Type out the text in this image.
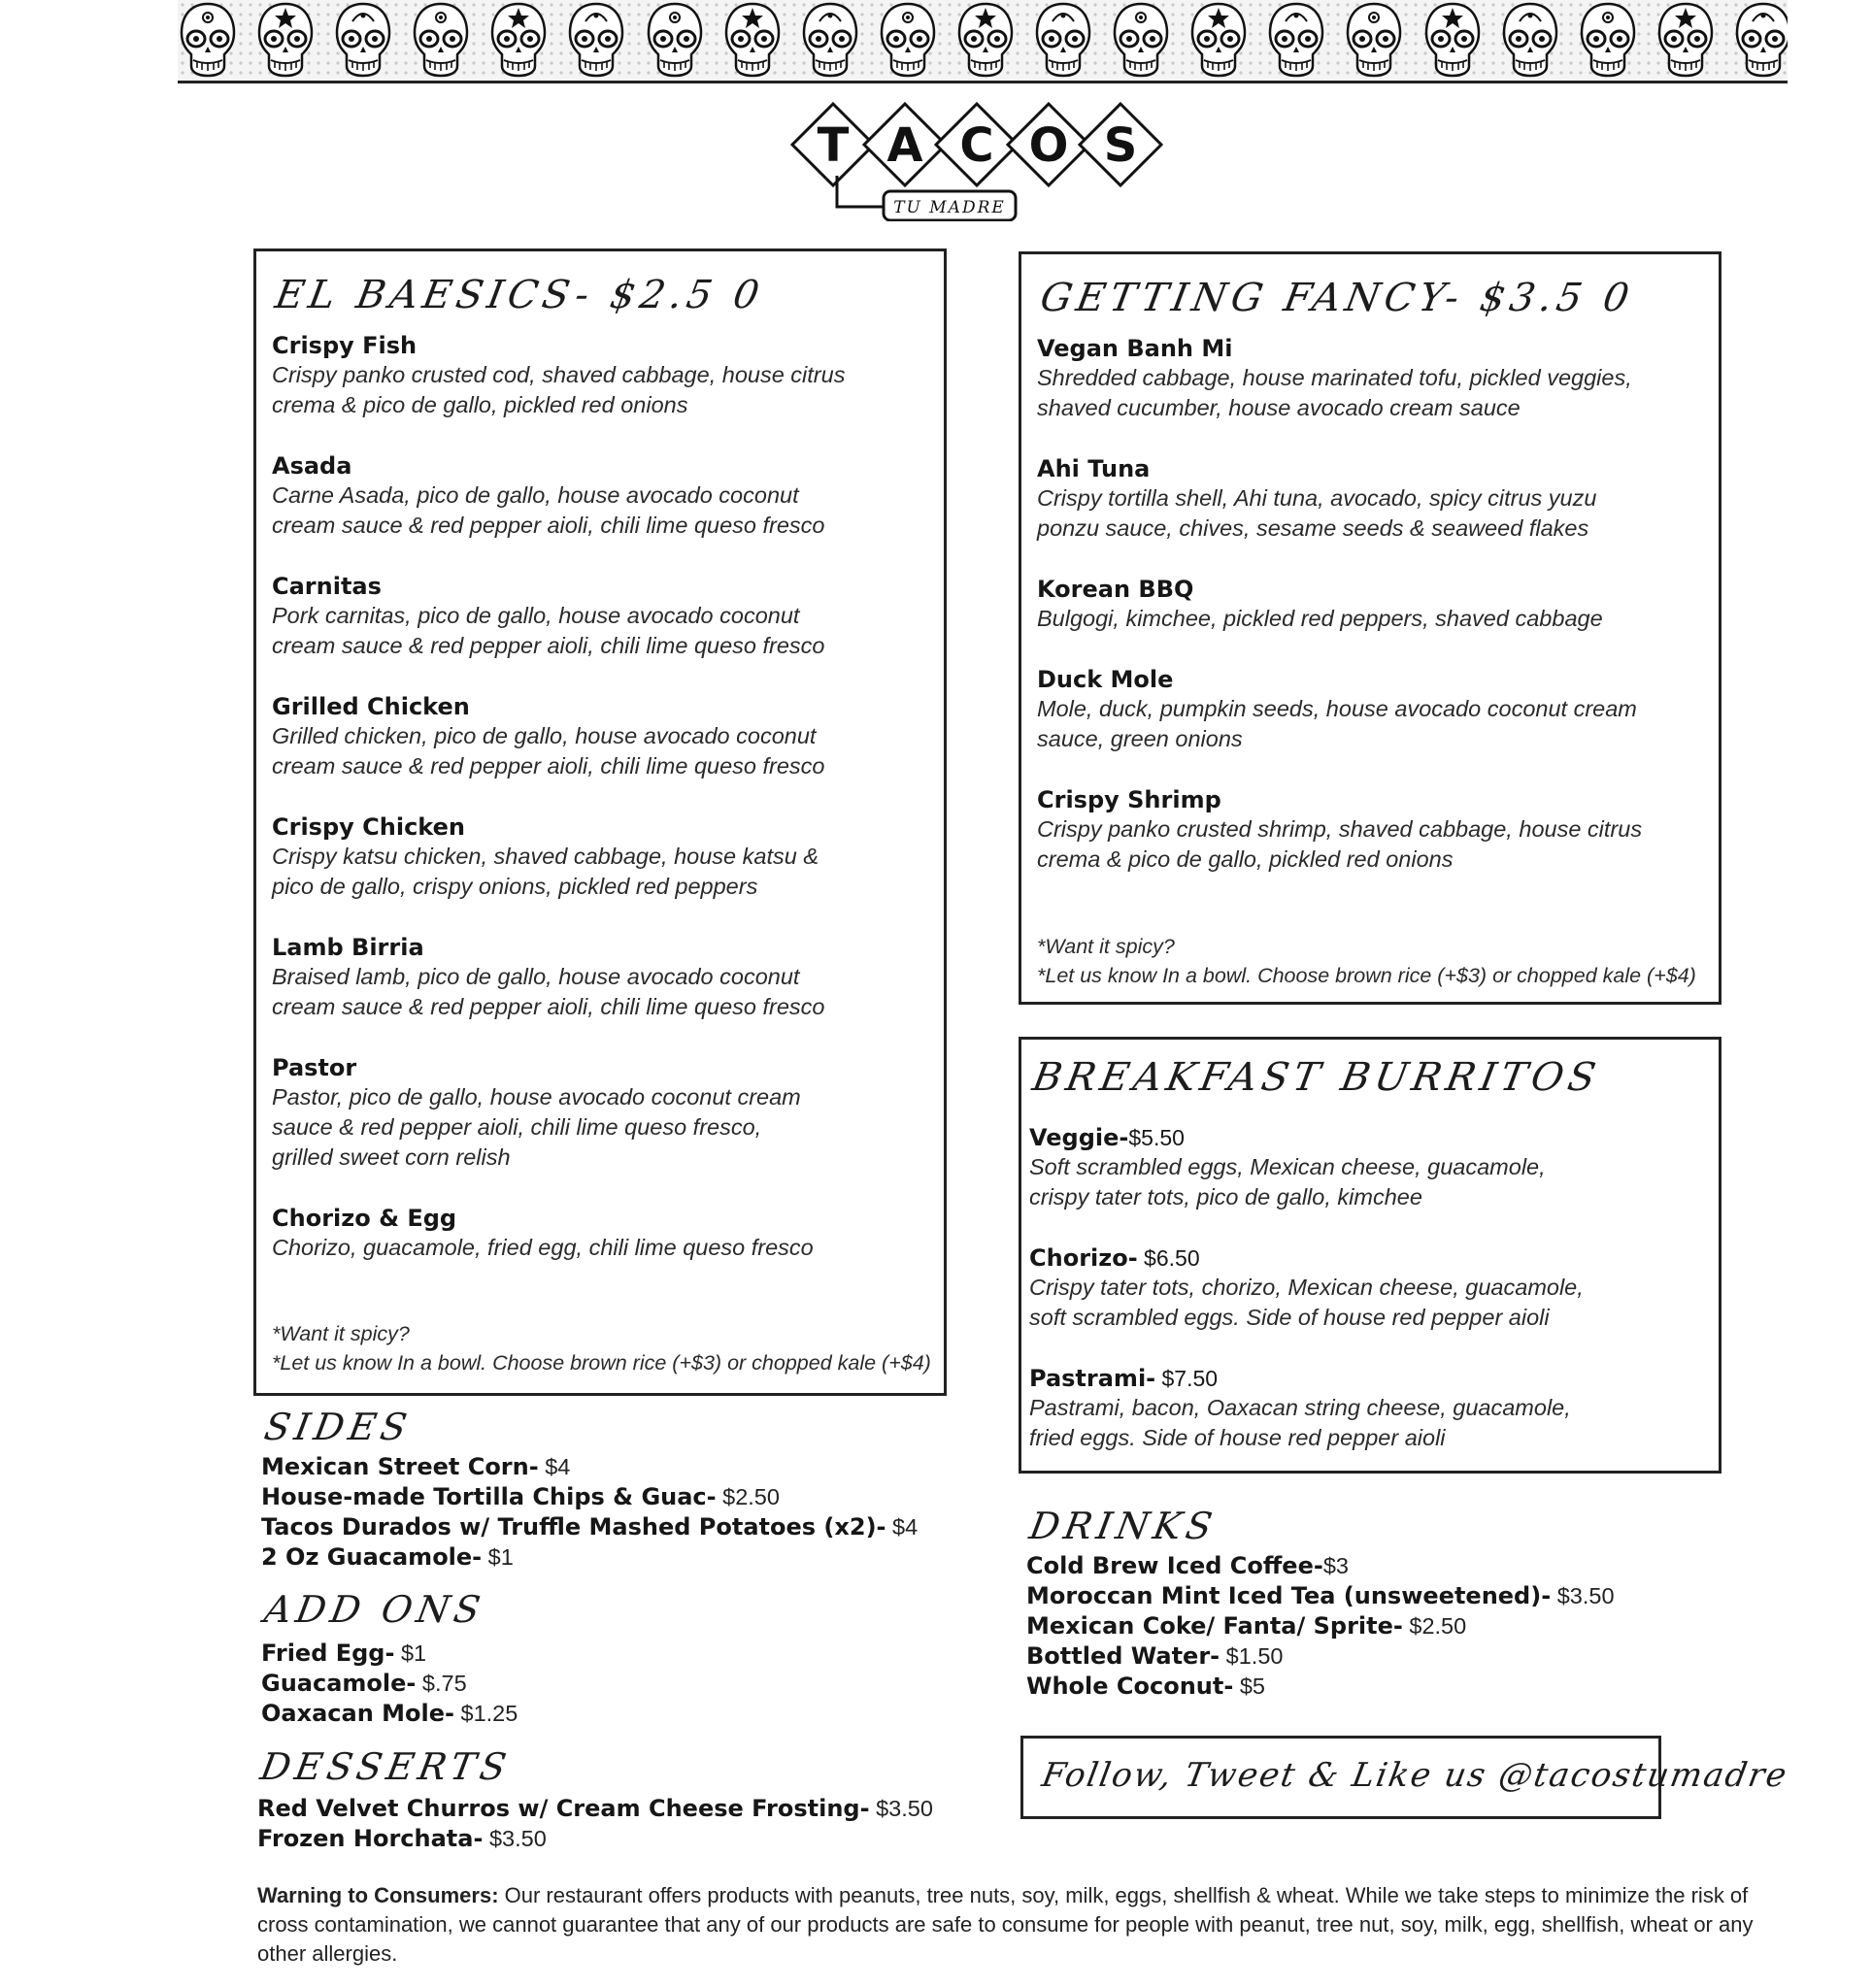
T A C O S
TU MADRE
EL BAESICS- $2.5 0
Crispy Fish
Crispy panko crusted cod, shaved cabbage, house citrus
crema & pico de gallo, pickled red onions
Asada
Carne Asada, pico de gallo, house avocado coconut
cream sauce & red pepper aioli, chili lime queso fresco
Carnitas
Pork carnitas, pico de gallo, house avocado coconut
cream sauce & red pepper aioli, chili lime queso fresco
Grilled Chicken
Grilled chicken, pico de gallo, house avocado coconut
cream sauce & red pepper aioli, chili lime queso fresco
Crispy Chicken
Crispy katsu chicken, shaved cabbage, house katsu &
pico de gallo, crispy onions, pickled red peppers
Lamb Birria
Braised lamb, pico de gallo, house avocado coconut
cream sauce & red pepper aioli, chili lime queso fresco
Pastor
Pastor, pico de gallo, house avocado coconut cream
sauce & red pepper aioli, chili lime queso fresco,
grilled sweet corn relish
Chorizo & Egg
Chorizo, guacamole, fried egg, chili lime queso fresco
*Want it spicy?
*Let us know In a bowl. Choose brown rice (+$3) or chopped kale (+$4)
GETTING FANCY- $3.5 0
Vegan Banh Mi
Shredded cabbage, house marinated tofu, pickled veggies,
shaved cucumber, house avocado cream sauce
Ahi Tuna
Crispy tortilla shell, Ahi tuna, avocado, spicy citrus yuzu
ponzu sauce, chives, sesame seeds & seaweed flakes
Korean BBQ
Bulgogi, kimchee, pickled red peppers, shaved cabbage
Duck Mole
Mole, duck, pumpkin seeds, house avocado coconut cream
sauce, green onions
Crispy Shrimp
Crispy panko crusted shrimp, shaved cabbage, house citrus
crema & pico de gallo, pickled red onions
*Want it spicy?
*Let us know In a bowl. Choose brown rice (+$3) or chopped kale (+$4)
BREAKFAST BURRITOS
Veggie-$5.50
Soft scrambled eggs, Mexican cheese, guacamole,
crispy tater tots, pico de gallo, kimchee
Chorizo- $6.50
Crispy tater tots, chorizo, Mexican cheese, guacamole,
soft scrambled eggs. Side of house red pepper aioli
Pastrami- $7.50
Pastrami, bacon, Oaxacan string cheese, guacamole,
fried eggs. Side of house red pepper aioli
SIDES
Mexican Street Corn- $4
House-made Tortilla Chips & Guac- $2.50
Tacos Durados w/ Truffle Mashed Potatoes (x2)- $4
2 Oz Guacamole- $1
ADD ONS
Fried Egg- $1
Guacamole- $.75
Oaxacan Mole- $1.25
DESSERTS
Red Velvet Churros w/ Cream Cheese Frosting- $3.50
Frozen Horchata- $3.50
DRINKS
Cold Brew Iced Coffee-$3
Moroccan Mint Iced Tea (unsweetened)- $3.50
Mexican Coke/ Fanta/ Sprite- $2.50
Bottled Water- $1.50
Whole Coconut- $5
Follow, Tweet & Like us @tacostumadre
Warning to Consumers: Our restaurant offers products with peanuts, tree nuts, soy, milk, eggs, shellfish & wheat. While we take steps to minimize the risk of cross contamination, we cannot guarantee that any of our products are safe to consume for people with peanut, tree nut, soy, milk, egg, shellfish, wheat or any other allergies.
